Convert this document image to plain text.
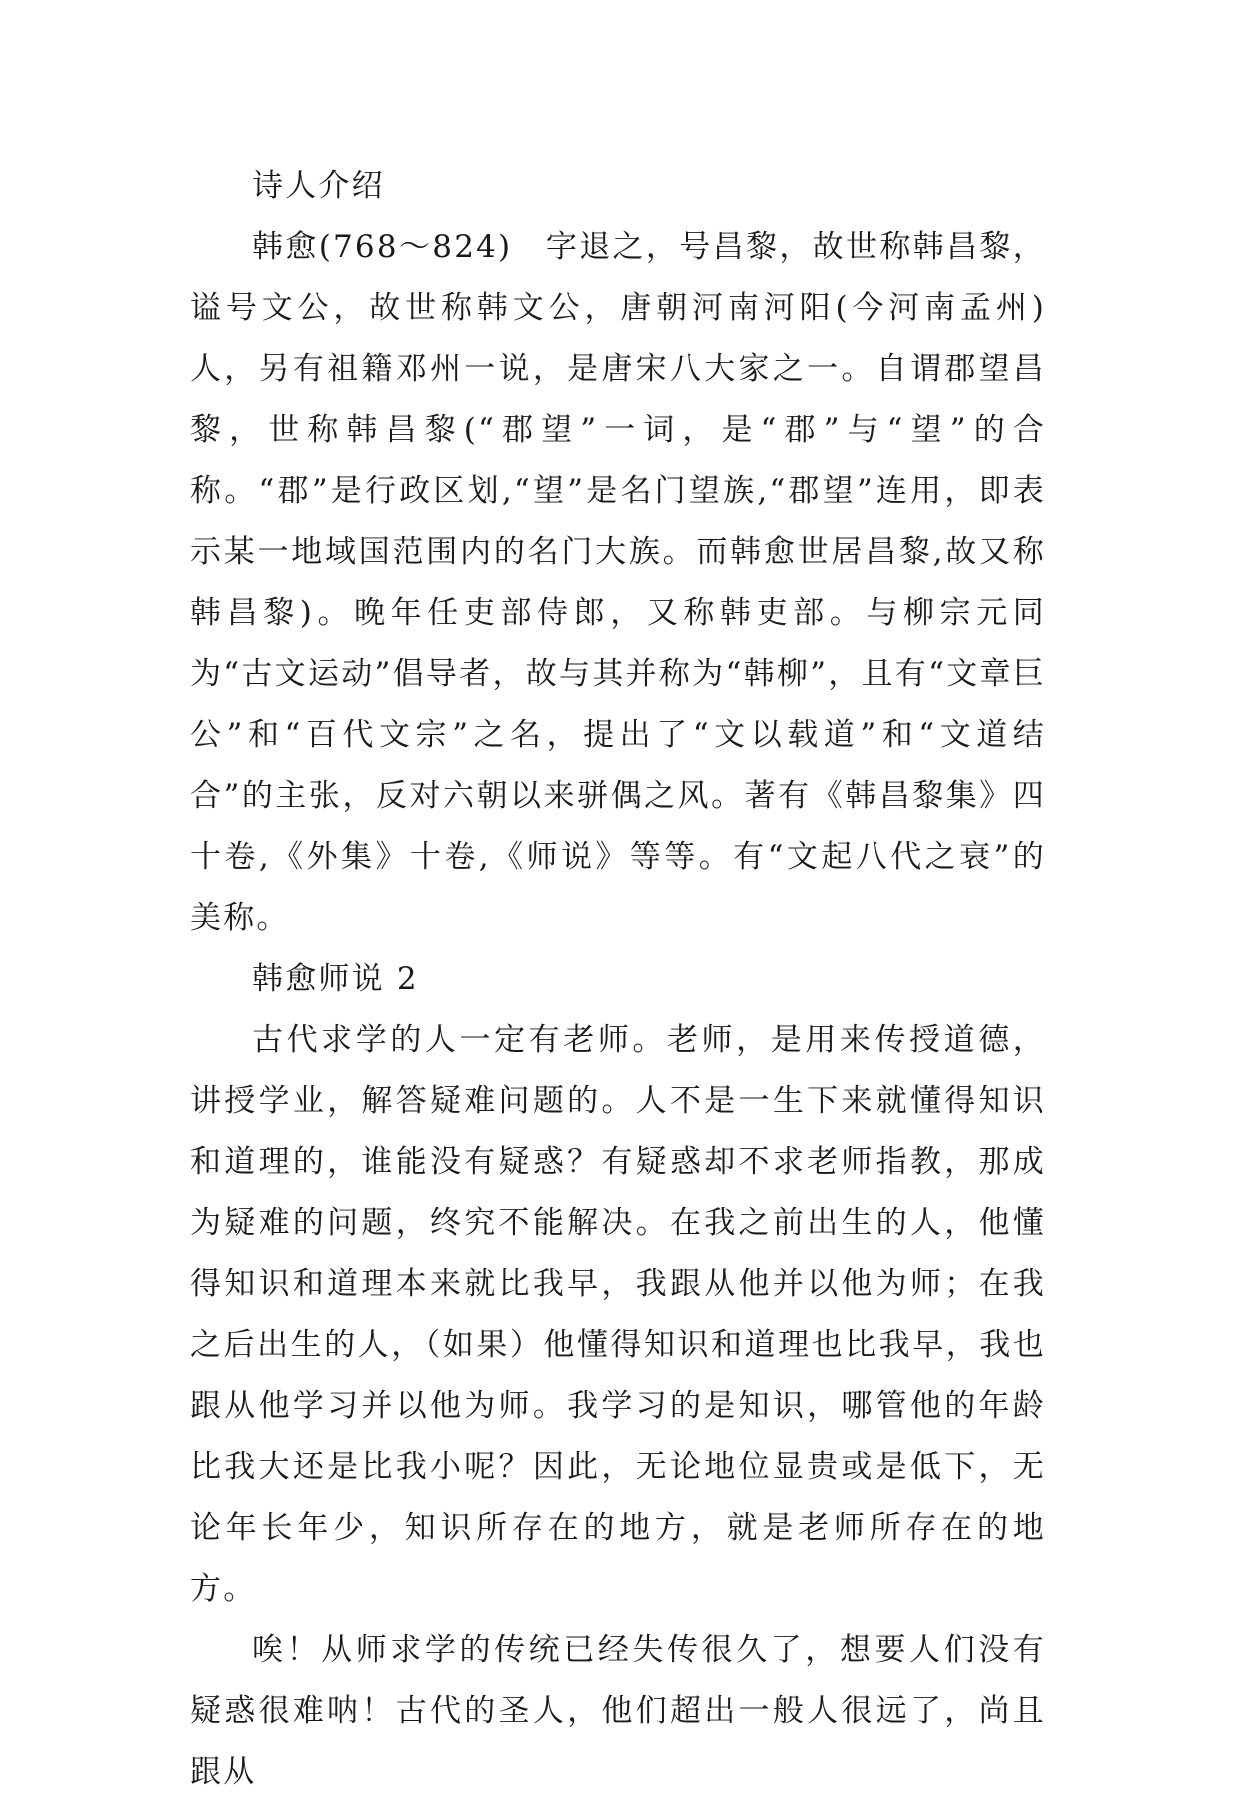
诗人介绍

韩愈(768～824)　字退之，号昌黎，故世称韩昌黎，谥号文公，故世称韩文公，唐朝河南河阳(今河南孟州)人，另有祖籍邓州一说，是唐宋八大家之一。自谓郡望昌黎，世称韩昌黎(“郡望”一词，是“郡”与“望”的合称。“郡”是行政区划,“望”是名门望族,“郡望”连用，即表示某一地域国范围内的名门大族。而韩愈世居昌黎,故又称韩昌黎)。晚年任吏部侍郎，又称韩吏部。与柳宗元同为“古文运动”倡导者，故与其并称为“韩柳”，且有“文章巨公”和“百代文宗”之名，提出了“文以载道”和“文道结合”的主张，反对六朝以来骈偶之风。著有《韩昌黎集》四十卷,《外集》十卷,《师说》等等。有“文起八代之衰”的美称。

韩愈师说 2

古代求学的人一定有老师。老师，是用来传授道德，讲授学业，解答疑难问题的。人不是一生下来就懂得知识和道理的，谁能没有疑惑？有疑惑却不求老师指教，那成为疑难的问题，终究不能解决。在我之前出生的人，他懂得知识和道理本来就比我早，我跟从他并以他为师；在我之后出生的人，（如果）他懂得知识和道理也比我早，我也跟从他学习并以他为师。我学习的是知识，哪管他的年龄比我大还是比我小呢？因此，无论地位显贵或是低下，无论年长年少，知识所存在的地方，就是老师所存在的地方。

唉！从师求学的传统已经失传很久了，想要人们没有疑惑很难呐！古代的圣人，他们超出一般人很远了，尚且跟从
